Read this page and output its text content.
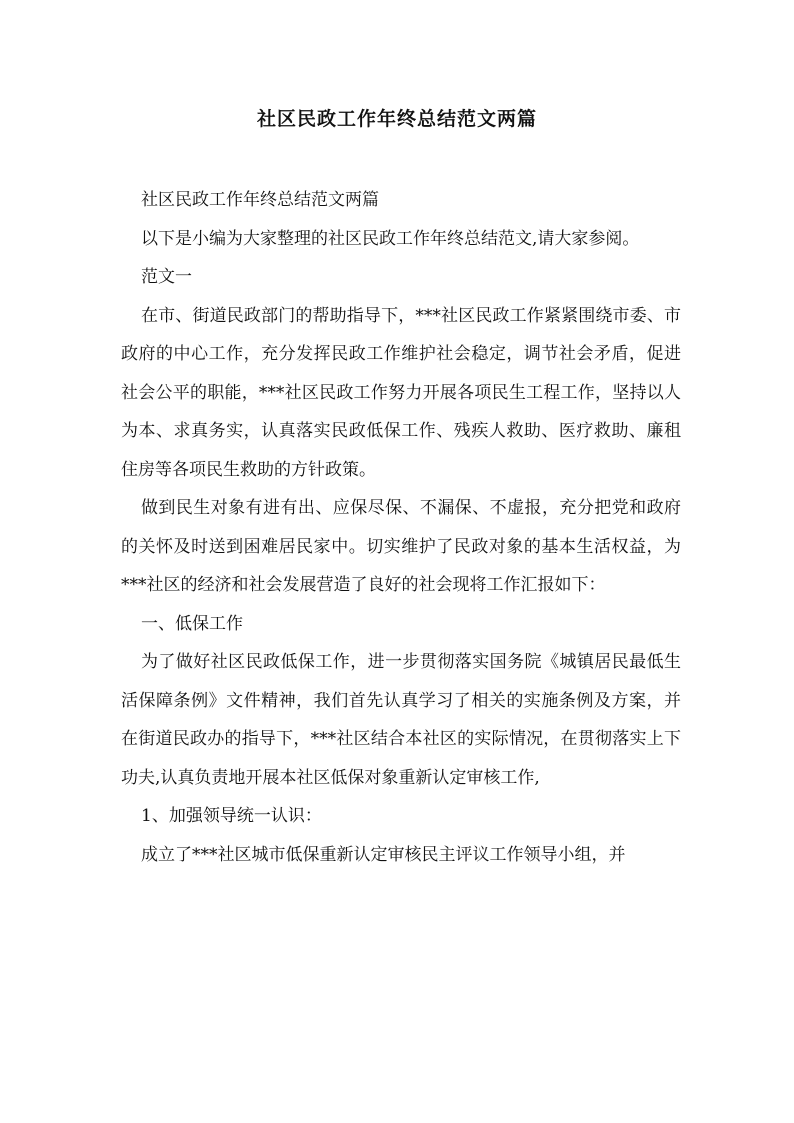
社区民政工作年终总结范文两篇

社区民政工作年终总结范文两篇

以下是小编为大家整理的社区民政工作年终总结范文,请大家参阅。

范文一

在市、街道民政部门的帮助指导下，***社区民政工作紧紧围绕市委、市政府的中心工作，充分发挥民政工作维护社会稳定，调节社会矛盾，促进社会公平的职能，***社区民政工作努力开展各项民生工程工作，坚持以人为本、求真务实，认真落实民政低保工作、残疾人救助、医疗救助、廉租住房等各项民生救助的方针政策。

做到民生对象有进有出、应保尽保、不漏保、不虚报，充分把党和政府的关怀及时送到困难居民家中。切实维护了民政对象的基本生活权益，为***社区的经济和社会发展营造了良好的社会现将工作汇报如下：

一、低保工作

为了做好社区民政低保工作，进一步贯彻落实国务院《城镇居民最低生活保障条例》文件精神，我们首先认真学习了相关的实施条例及方案，并在街道民政办的指导下，***社区结合本社区的实际情况，在贯彻落实上下功夫,认真负责地开展本社区低保对象重新认定审核工作,

1、加强领导统一认识：

成立了***社区城市低保重新认定审核民主评议工作领导小组，并
